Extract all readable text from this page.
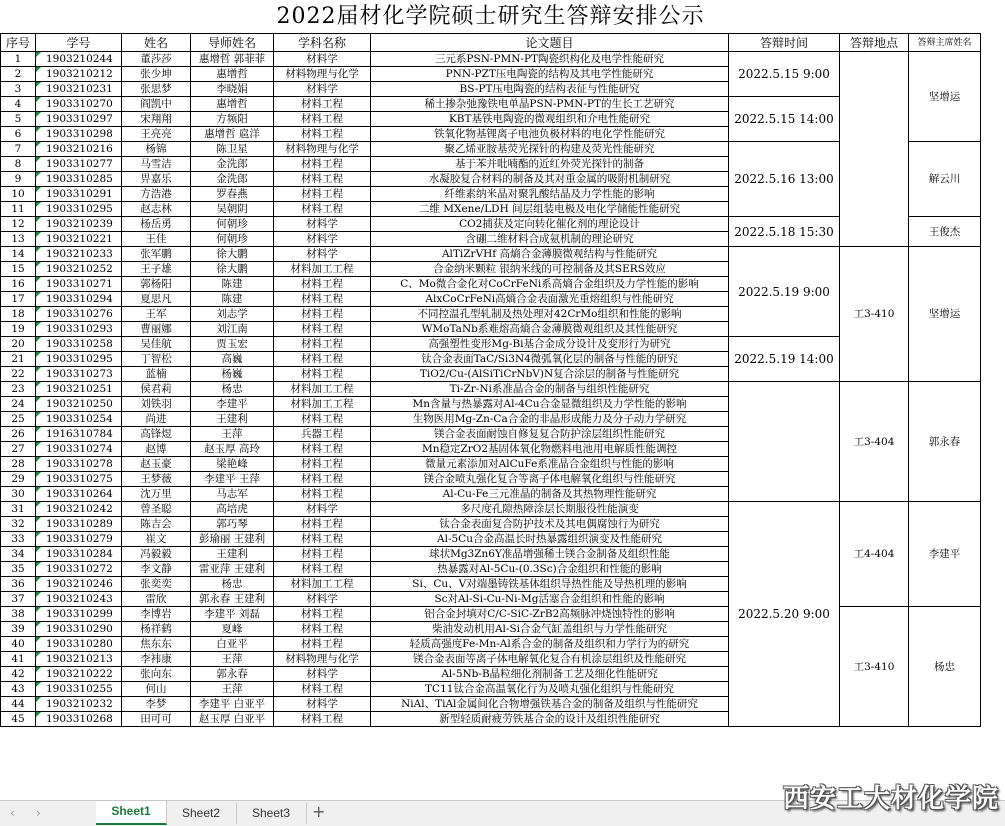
2022届材化学院硕士研究生答辩安排公示								
序号	学号	姓名	导师姓名	学科名称	论文题目	答辩时间	答辩地点	答辩主席姓名
1	1903210244	董莎莎	惠增哲 郭菲菲	材料学	三元系PSN-PMN-PT陶瓷织构化及电学性能研究	2022.5.15 9:00		坚增运
2	1903210212	张少坤	惠增哲	材料物理与化学	PNN-PZT压电陶瓷的结构及其电学性能研究			
3	1903210231	张思梦	李晓娟	材料学	BS-PT压电陶瓷的结构表征与性能研究			
4	1903310270	阎凯中	惠增哲	材料工程	稀土掺杂弛豫铁电单晶PSN-PMN-PT的生长工艺研究	2022.5.15 14:00		
5	1903310297	宋翔翔	方频阳	材料工程	KBT基铁电陶瓷的微观组织和介电性能研究			
6	1903310298	王亮亮	惠增哲 扈洋	材料工程	铁氧化物基锂离子电池负极材料的电化学性能研究			
7	1903210216	杨锦	陈卫星	材料物理与化学	聚乙烯亚胺基荧光探针的构建及荧光性能研究	2022.5.16 13:00		解云川
8	1903310277	马雪洁	金洗郎	材料工程	基于苯并吡喃酯的近红外荧光探针的制备			
9	1903310285	畀嘉乐	金洗郎	材料工程	水凝胶复合材料的制备及其对重金属的吸附机制研究			
10	1903310291	方浩港	罗春燕	材料工程	纤维素纳米晶对聚乳酸结晶及力学性能的影响			
11	1903310295	赵志林	吴朝阴	材料工程	二维 MXene/LDH 间层组装电极及电化学储能性能研究			
12	1903210239	杨岳勇	何朝珍	材料学	CO2捕获及定向转化催化剂的理论设计	2022.5.18 15:30		王俊杰
13	1903210221	王佳	何朝珍	材料学	含硼二维材料合成氨机制的理论研究			
14	1903210233	张军鹏	徐大鹏	材料学	AlTiZrVHf 高熵合金薄膜微观结构与性能研究	2022.5.19 9:00	工3-410	坚增运
15	1903210252	王子雄	徐大鹏	材料加工工程	合金纳米颗粒 银纳米线的可控制备及其SERS效应			
16	1903310271	郭杨阳	陈建	材料工程	C、Mo微合金化对CoCrFeNi系高熵合金组织及力学性能的影响			
17	1903310294	夏思凡	陈建	材料工程	AlxCoCrFeNi高熵合金表面激光重熔组织与性能研究			
18	1903310276	王军	刘志学	材料工程	不同控温孔型轧制及热处理对42CrMo组织和性能的影响			
19	1903310293	曹丽娜	刘江南	材料工程	WMoTaNb系难熔高熵合金薄膜微观组织及其性能研究			
20	1903310258	吴佳航	贾玉宏	材料工程	高强塑性变形Mg-Bi基合金成分设计及变形行为研究	2022.5.19 14:00		
21	1903310295	丁智松	高巍	材料工程	钛合金表面TaC/Si3N4微弧氧化层的制备与性能的研究			
22	1903310273	蓝楠	杨巍	材料工程	TiO2/Cu-(AlSiTiCrNbV)N复合涂层的制备与性能研究			
23	1903210251	侯君莉	杨忠	材料加工工程	Ti-Zr-Ni系准晶合金的制备与组织性能研究		工3-404	郭永春
24	1903210250	刘铁羽	李建平	材料加工工程	Mn含量与热暴露对Al-4Cu合金显微组织及力学性能的影响			
25	1903310254	尚进	王建利	材料工程	生物医用Mg-Zn-Ca合金的非晶形成能力及分子动力学研究			
26	1916310784	高锋煜	王萍	兵器工程	镁合金表面耐蚀自修复复合防护涂层组织性能研究			
27	1903310274	赵博	赵玉厚 高玲	材料工程	Mn稳定ZrO2基固体氧化物燃料电池用电解质性能调控			
28	1903310278	赵玉豪	梁艳峰	材料工程	微量元素添加对AlCuFe系准晶合金组织与性能的影响			
29	1903310275	王梦薇	李建平 王萍	材料工程	镁合金喷丸强化复合等离子体电解氧化组织与性能研究			
30	1903310264	沈万里	马志军	材料工程	Al-Cu-Fe三元准晶的制备及其热物理性能研究			
31	1903210242	曾圣聪	高培虎	材料学	多尺度孔隙热障涂层长期服役性能演变	2022.5.20 9:00	工4-404	李建平
32	1903310289	陈吉会	郭巧琴	材料工程	钛合金表面复合防护技术及其电偶腐蚀行为研究			
33	1903310279	崔文	彭瑜丽 王建利	材料工程	Al-5Cu合金高温长时热暴露组织演变及性能研究			
34	1903310284	冯毅毅	王建利	材料工程	球状Mg3Zn6Y准晶增强稀土镁合金制备及组织性能			
35	1903310272	李文静	雷亚萍 王建利	材料工程	热暴露对Al-5Cu-(0.3Sc)合金组织和性能的影响			
36	1903210246	张奕奕	杨忠	材料加工工程	Si、Cu、V对端墨铸铁基体组织导热性能及导热机理的影响			
37	1903210243	雷欣	郭永春 王建利	材料学	Sc对Al-Si-Cu-Ni-Mg活塞合金组织和性能的影响			
38	1903310299	李博岩	李建平 刘磊	材料工程	铝合金封填对C/C-SiC-ZrB2高频脉冲烧蚀特性的影响		工3-410	杨忠
39	1903310290	杨祥鹤	夏峰	材料工程	柴油发动机用Al-Si合金气缸盖组织与力学性能研究			
40	1903310280	焦东东	白亚平	材料工程	轻质高强度Fe-Mn-Al系合金的制备及组织和力学行为的研究			
41	1903210213	李袆康	王萍	材料物理与化学	镁合金表面等离子体电解氧化复合有机涂层组织及性能研究			
42	1903210222	张向东	郭永春	材料学	Al-5Nb-B晶粒细化剂制备工艺及细化性能研究			
43	1903310255	何山	王萍	材料工程	TC11钛合金高温氧化行为及喷丸强化组织与性能研究			
44	1903210232	李梦	李建平 白亚平	材料学	NiAl、TiAl金属间化合物增强铁基合金的制备及组织与性能研究			
45	1903310268	田可可	赵玉厚 白亚平	材料工程	新型轻质耐疲劳铁基合金的设计及组织性能研究			
‹ ›	Sheet1	Sheet2	Sheet3	+	西安工大材化学院
